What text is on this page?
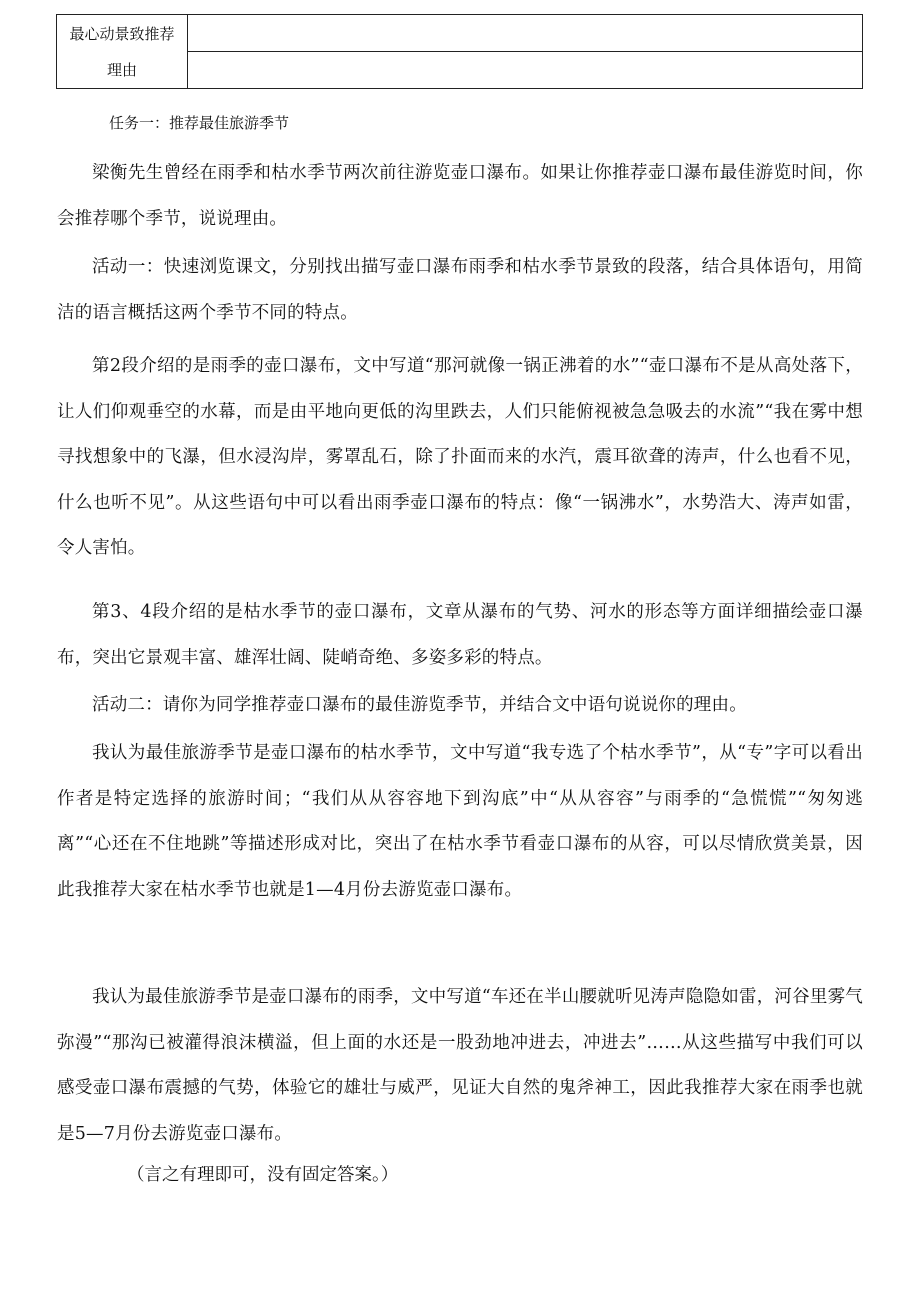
最心动景致推荐
理由

任务一：推荐最佳旅游季节

梁衡先生曾经在雨季和枯水季节两次前往游览壶口瀑布。如果让你推荐壶口瀑布最佳游览时间，你会推荐哪个季节，说说理由。

活动一：快速浏览课文，分别找出描写壶口瀑布雨季和枯水季节景致的段落，结合具体语句，用简洁的语言概括这两个季节不同的特点。

第2段介绍的是雨季的壶口瀑布，文中写道“那河就像一锅正沸着的水”“壶口瀑布不是从高处落下，让人们仰观垂空的水幕，而是由平地向更低的沟里跌去，人们只能俯视被急急吸去的水流”“我在雾中想寻找想象中的飞瀑，但水浸沟岸，雾罩乱石，除了扑面而来的水汽，震耳欲聋的涛声，什么也看不见，什么也听不见”。从这些语句中可以看出雨季壶口瀑布的特点：像“一锅沸水”，水势浩大、涛声如雷，令人害怕。

第3、4段介绍的是枯水季节的壶口瀑布，文章从瀑布的气势、河水的形态等方面详细描绘壶口瀑布，突出它景观丰富、雄浑壮阔、陡峭奇绝、多姿多彩的特点。

活动二：请你为同学推荐壶口瀑布的最佳游览季节，并结合文中语句说说你的理由。

我认为最佳旅游季节是壶口瀑布的枯水季节，文中写道“我专选了个枯水季节”，从“专”字可以看出作者是特定选择的旅游时间；“我们从从容容地下到沟底”中“从从容容”与雨季的“急慌慌”“匆匆逃离”“心还在不住地跳”等描述形成对比，突出了在枯水季节看壶口瀑布的从容，可以尽情欣赏美景，因此我推荐大家在枯水季节也就是1—4月份去游览壶口瀑布。

我认为最佳旅游季节是壶口瀑布的雨季，文中写道“车还在半山腰就听见涛声隐隐如雷，河谷里雾气弥漫”“那沟已被灌得浪沫横溢，但上面的水还是一股劲地冲进去，冲进去”……从这些描写中我们可以感受壶口瀑布震撼的气势，体验它的雄壮与威严，见证大自然的鬼斧神工，因此我推荐大家在雨季也就是5—7月份去游览壶口瀑布。

（言之有理即可，没有固定答案。）
